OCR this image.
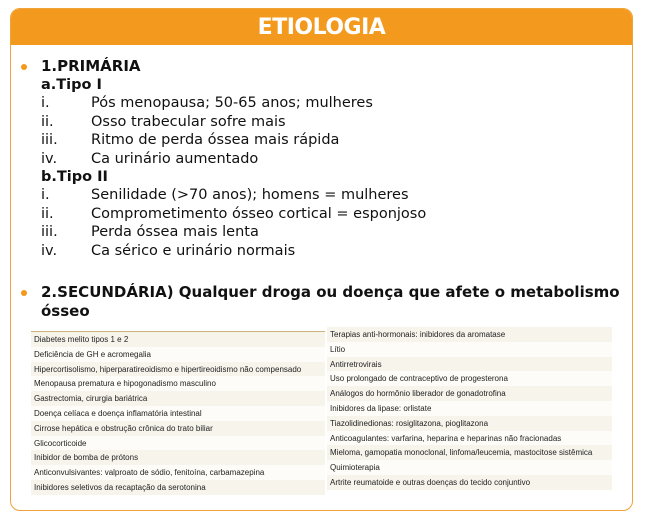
ETIOLOGIA
1.PRIMÁRIA
a.Tipo I
i.	Pós menopausa; 50-65 anos; mulheres
ii.	Osso trabecular sofre mais
iii.	Ritmo de perda óssea mais rápida
iv.	Ca urinário aumentado
b.Tipo II
i.	Senilidade (>70 anos); homens = mulheres
ii.	Comprometimento ósseo cortical = esponjoso
iii.	Perda óssea mais lenta
iv.	Ca sérico e urinário normais
2.SECUNDÁRIA) Qualquer droga ou doença que afete o metabolismo ósseo
Diabetes melito tipos 1 e 2
Deficiência de GH e acromegalia
Hipercortisolismo, hiperparatireoidismo e hipertireoidismo não compensado
Menopausa prematura e hipogonadismo masculino
Gastrectomia, cirurgia bariátrica
Doença celíaca e doença inflamatória intestinal
Cirrose hepática e obstrução crônica do trato biliar
Glicocorticoide
Inibidor de bomba de prótons
Anticonvulsivantes: valproato de sódio, fenitoína, carbamazepina
Inibidores seletivos da recaptação da serotonina
Terapias anti-hormonais: inibidores da aromatase
Lítio
Antirretrovirais
Uso prolongado de contraceptivo de progesterona
Análogos do hormônio liberador de gonadotrofina
Inibidores da lipase: orlistate
Tiazolidinedionas: rosiglitazona, pioglitazona
Anticoagulantes: varfarina, heparina e heparinas não fracionadas
Mieloma, gamopatia monoclonal, linfoma/leucemia, mastocitose sistêmica
Quimioterapia
Artrite reumatoide e outras doenças do tecido conjuntivo
